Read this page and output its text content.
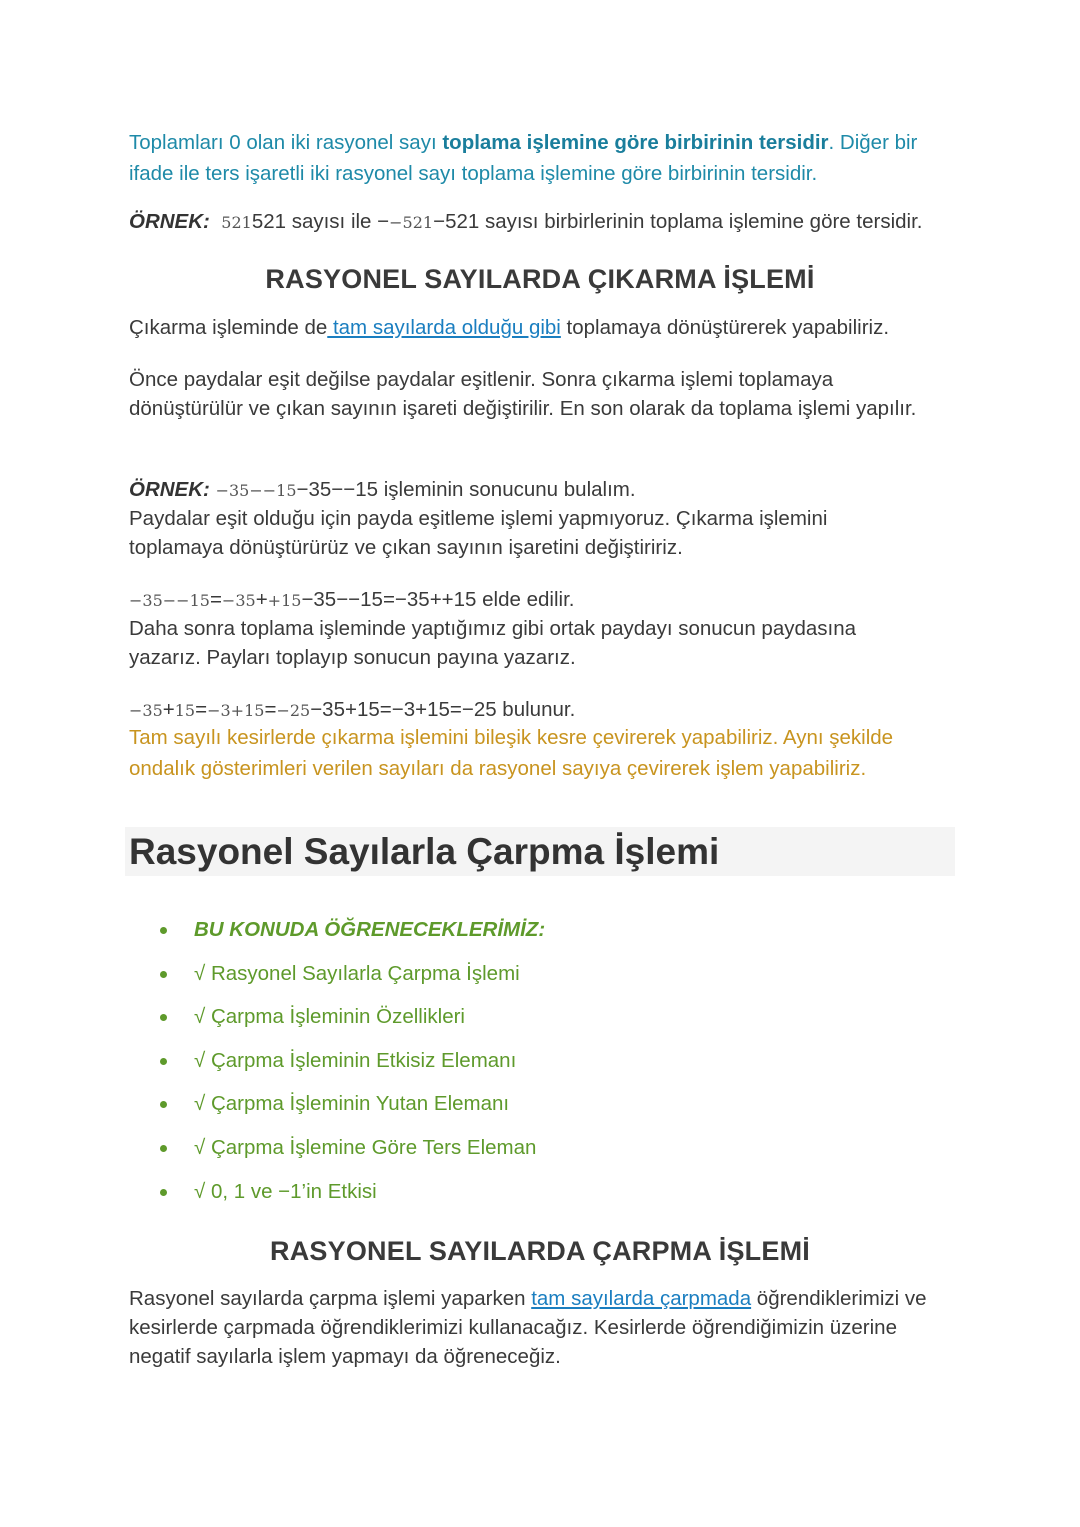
Toplamları 0 olan iki rasyonel sayı toplama işlemine göre birbirinin tersidir. Diğer bir ifade ile ters işaretli iki rasyonel sayı toplama işlemine göre birbirinin tersidir.

ÖRNEK: 521521 sayısı ile −−521−521 sayısı birbirlerinin toplama işlemine göre tersidir.

RASYONEL SAYILARDA ÇIKARMA İŞLEMİ

Çıkarma işleminde de tam sayılarda olduğu gibi toplamaya dönüştürerek yapabiliriz.

Önce paydalar eşit değilse paydalar eşitlenir. Sonra çıkarma işlemi toplamaya dönüştürülür ve çıkan sayının işareti değiştirilir. En son olarak da toplama işlemi yapılır.

ÖRNEK: −35−−15−35−−15 işleminin sonucunu bulalım.

Paydalar eşit olduğu için payda eşitleme işlemi yapmıyoruz. Çıkarma işlemini toplamaya dönüştürürüz ve çıkan sayının işaretini değiştiririz.

−35−−15=−35++15−35−−15=−35++15 elde edilir.

Daha sonra toplama işleminde yaptığımız gibi ortak paydayı sonucun paydasına yazarız. Payları toplayıp sonucun payına yazarız.

−35+15=−3+15=−25−35+15=−3+15=−25 bulunur.

Tam sayılı kesirlerde çıkarma işlemini bileşik kesre çevirerek yapabiliriz. Aynı şekilde ondalık gösterimleri verilen sayıları da rasyonel sayıya çevirerek işlem yapabiliriz.

Rasyonel Sayılarla Çarpma İşlemi
BU KONUDA ÖĞRENECEKLERİMİZ:
√ Rasyonel Sayılarla Çarpma İşlemi
√ Çarpma İşleminin Özellikleri
√ Çarpma İşleminin Etkisiz Elemanı
√ Çarpma İşleminin Yutan Elemanı
√ Çarpma İşlemine Göre Ters Eleman
√ 0, 1 ve −1’in Etkisi
RASYONEL SAYILARDA ÇARPMA İŞLEMİ

Rasyonel sayılarda çarpma işlemi yaparken tam sayılarda çarpmada öğrendiklerimizi ve kesirlerde çarpmada öğrendiklerimizi kullanacağız. Kesirlerde öğrendiğimizin üzerine negatif sayılarla işlem yapmayı da öğreneceğiz.
